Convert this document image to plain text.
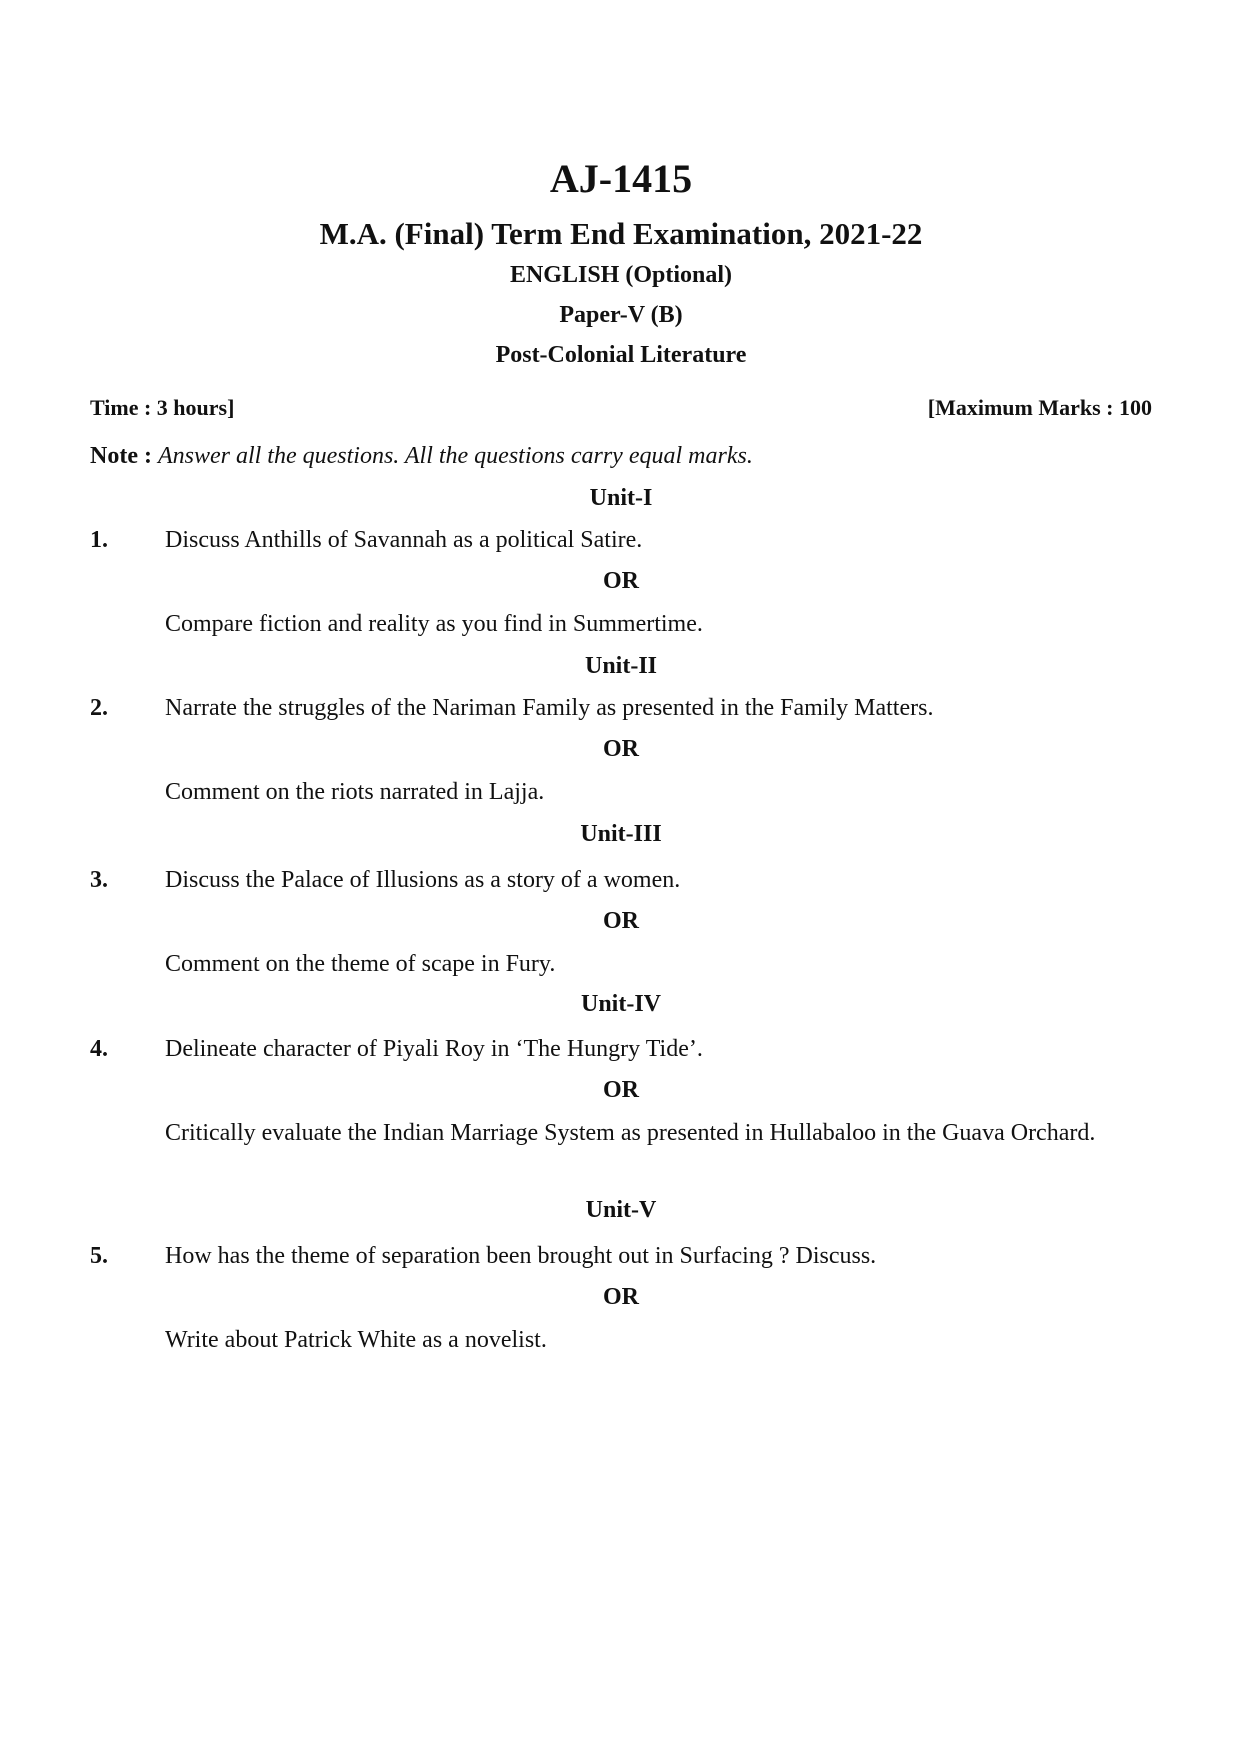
AJ-1415
M.A. (Final) Term End Examination, 2021-22
ENGLISH (Optional)
Paper-V (B)
Post-Colonial Literature
Time : 3 hours]	[Maximum Marks : 100
Note : Answer all the questions. All the questions carry equal marks.
Unit-I
1. Discuss Anthills of Savannah as a political Satire.
OR
Compare fiction and reality as you find in Summertime.
Unit-II
2. Narrate the struggles of the Nariman Family as presented in the Family Matters.
OR
Comment on the riots narrated in Lajja.
Unit-III
3. Discuss the Palace of Illusions as a story of a women.
OR
Comment on the theme of scape in Fury.
Unit-IV
4. Delineate character of Piyali Roy in ‘The Hungry Tide’.
OR
Critically evaluate the Indian Marriage System as presented in Hullabaloo in the Guava Orchard.
Unit-V
5. How has the theme of separation been brought out in Surfacing ? Discuss.
OR
Write about Patrick White as a novelist.
